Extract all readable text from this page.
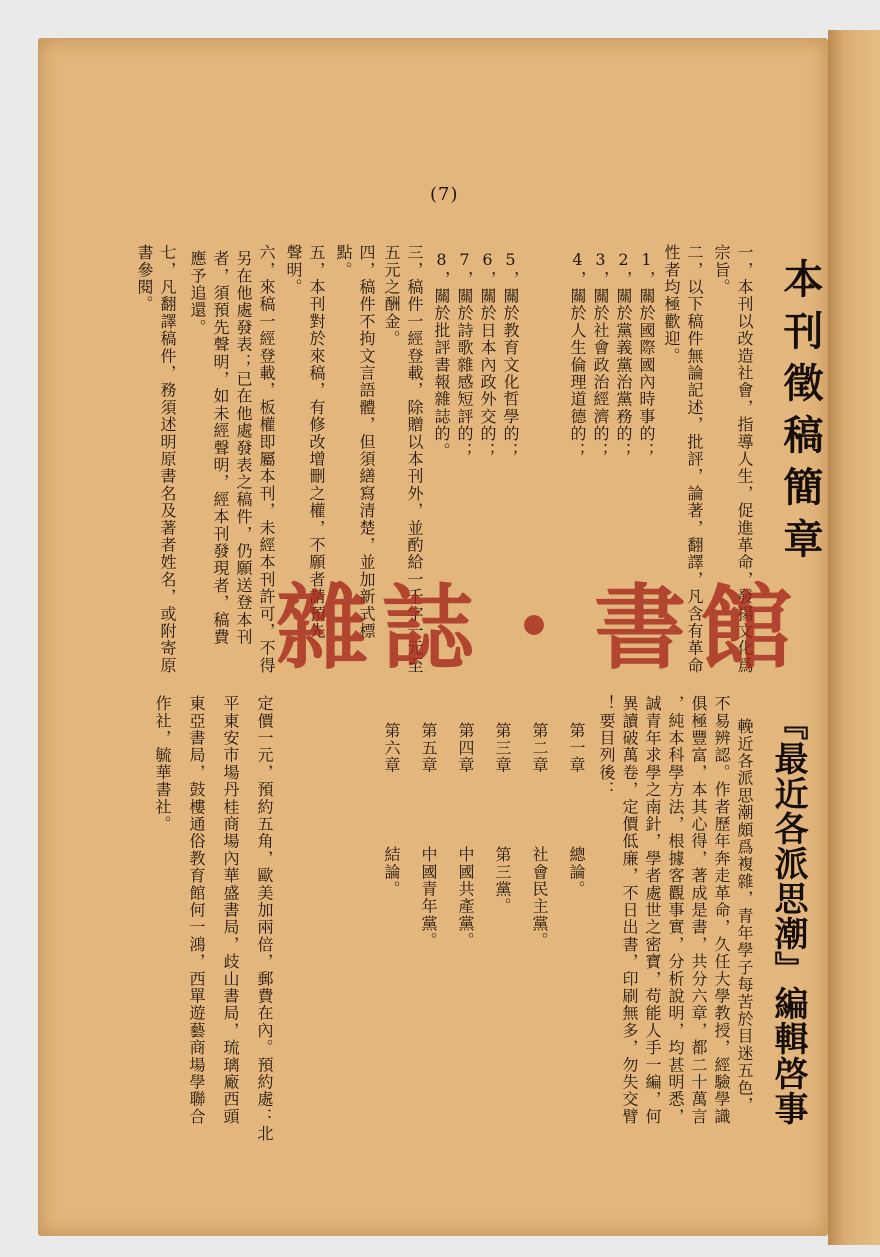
(7)
本刊徵稿簡章
一，本刊以改造社會，指導人生，促進革命，發揚文化爲
宗旨。
二，以下稿件無論記述，批評，論著，翻譯，凡含有革命
性者均極歡迎。
1，關於國際國內時事的；
2，關於黨義黨治黨務的；
3，關於社會政治經濟的；
4，關於人生倫理道德的；
5，關於教育文化哲學的；
6，關於日本內政外交的；
7，關於詩歌雜感短評的；
8，關於批評書報雜誌的。
三，稿件一經登載，除贈以本刊外，並酌給一千字一元至
五元之酬金。
四，稿件不拘文言語體，但須繕寫清楚，並加新式標
點。
五，本刊對於來稿，有修改增刪之權，不願者請預先
聲明。
六，來稿一經登載，板權即屬本刊，未經本刊許可，不得
另在他處發表；已在他處發表之稿件，仍願送登本刊
者，須預先聲明，如未經聲明，經本刊發現者，稿費
應予追還。
七，凡翻譯稿件，務須述明原書名及著者姓名，或附寄原
書參閱。
『最近各派思潮』編輯啓事
輓近各派思潮頗爲複雜，青年學子每苦於目迷五色，
不易辨認。作者歷年奔走革命，久任大學教授，經驗學識
俱極豐富，本其心得，著成是書，共分六章，都二十萬言
，純本科學方法，根據客觀事實，分析說明，均甚明悉，
誠青年求學之南針，學者處世之密寶，苟能人手一編，何
異讀破萬卷，定價低廉，不日出書，印刷無多，勿失交臂
！要目列後：
第一章
總論。
第二章
社會民主黨。
第三章
第三黨。
第四章
中國共產黨。
第五章
中國青年黨。
第六章
結論。
定價一元，預約五角，歐美加兩倍，郵費在內。預約處：北
平東安市場丹桂商場內華盛書局，歧山書局，琉璃廠西頭
東亞書局，鼓樓通俗教育館何一鴻，西單遊藝商場學聯合
作社，毓華書社。
雜誌・書館
